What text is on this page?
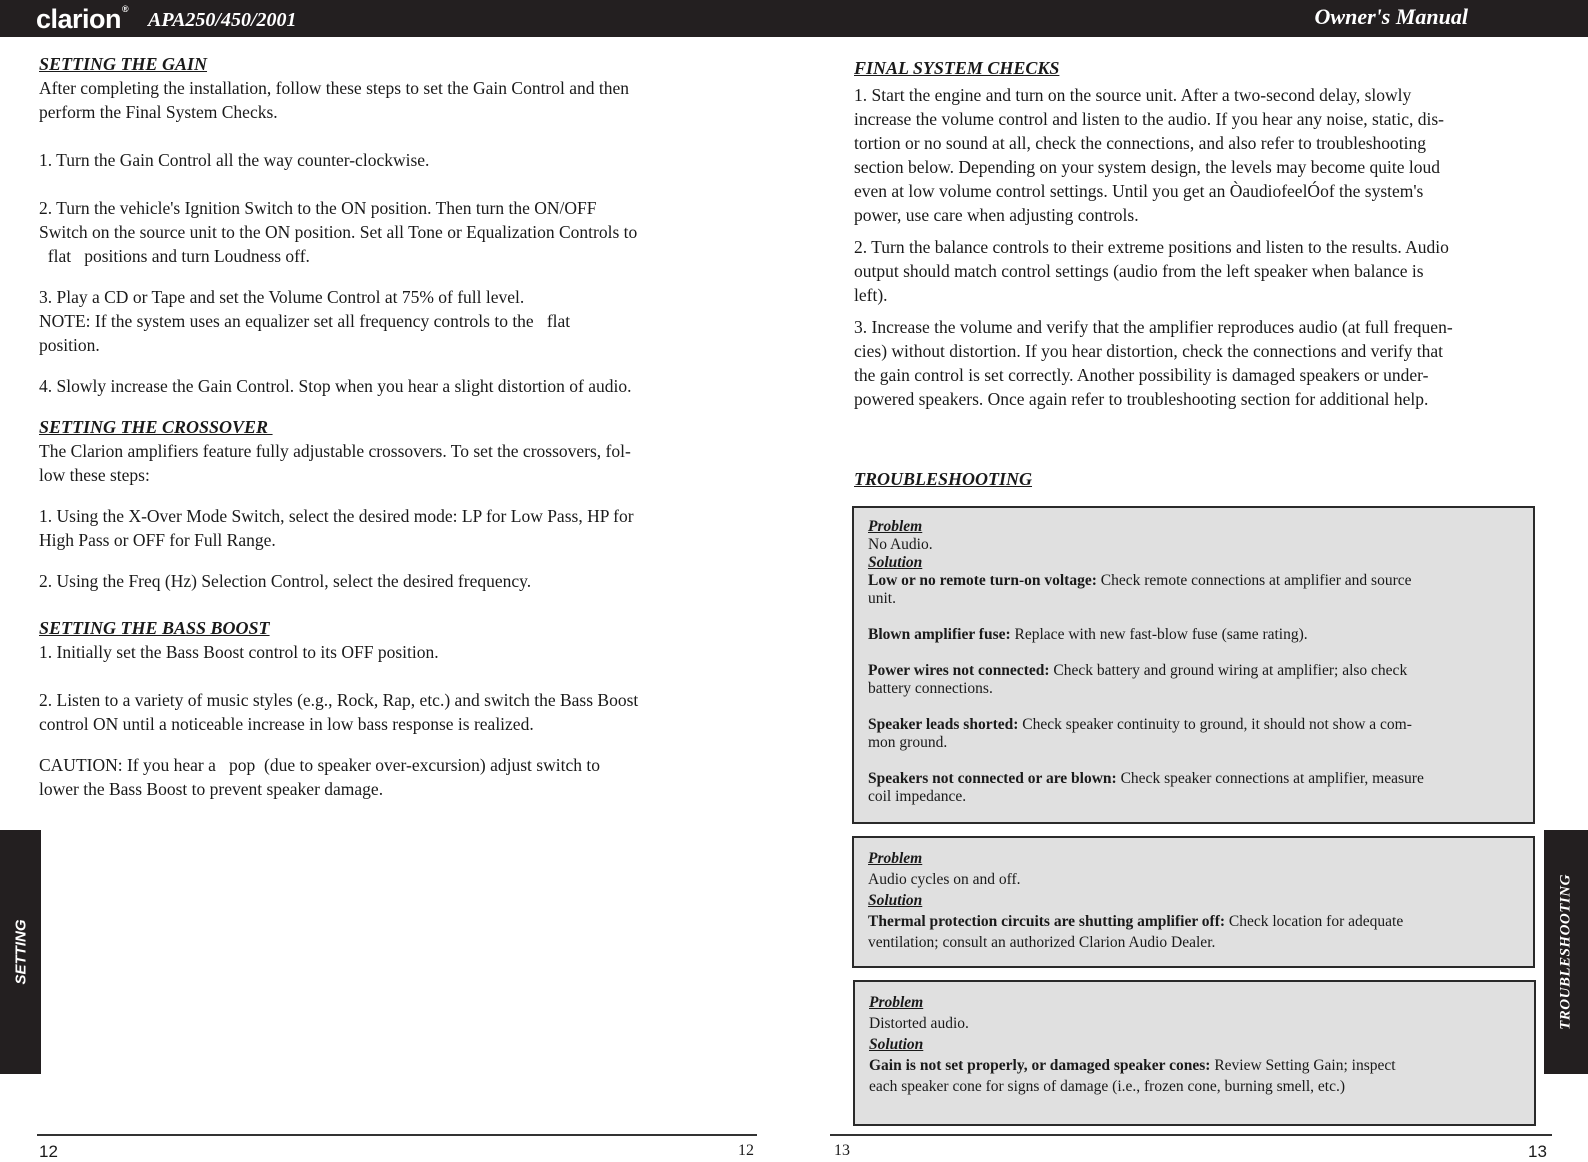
clarion® APA250/450/2001	Owner's Manual

SETTING THE GAIN

After completing the installation, follow these steps to set the Gain Control and then
perform the Final System Checks.

1. Turn the Gain Control all the way counter-clockwise.

2. Turn the vehicle's Ignition Switch to the ON position. Then turn the ON/OFF
Switch on the source unit to the ON position. Set all Tone or Equalization Controls to
flat   positions and turn Loudness off.

3. Play a CD or Tape and set the Volume Control at 75% of full level.
NOTE: If the system uses an equalizer set all frequency controls to the   flat
position.

4. Slowly increase the Gain Control. Stop when you hear a slight distortion of audio.

SETTING THE CROSSOVER

The Clarion amplifiers feature fully adjustable crossovers. To set the crossovers, fol-
low these steps:

1. Using the X-Over Mode Switch, select the desired mode: LP for Low Pass, HP for
High Pass or OFF for Full Range.

2. Using the Freq (Hz) Selection Control, select the desired frequency.

SETTING THE BASS BOOST

1. Initially set the Bass Boost control to its OFF position.

2. Listen to a variety of music styles (e.g., Rock, Rap, etc.) and switch the Bass Boost
control ON until a noticeable increase in low bass response is realized.

CAUTION: If you hear a   pop  (due to speaker over-excursion) adjust switch to
lower the Bass Boost to prevent speaker damage.

SETTING

FINAL SYSTEM CHECKS

1. Start the engine and turn on the source unit. After a two-second delay, slowly
increase the volume control and listen to the audio. If you hear any noise, static, dis-
tortion or no sound at all, check the connections, and also refer to troubleshooting
section below. Depending on your system design, the levels may become quite loud
even at low volume control settings. Until you get an ÒaudiofeelÓof the system's
power, use care when adjusting controls.

2. Turn the balance controls to their extreme positions and listen to the results. Audio
output should match control settings (audio from the left speaker when balance is
left).

3. Increase the volume and verify that the amplifier reproduces audio (at full frequen-
cies) without distortion. If you hear distortion, check the connections and verify that
the gain control is set correctly. Another possibility is damaged speakers or under-
powered speakers. Once again refer to troubleshooting section for additional help.

TROUBLESHOOTING

Problem
No Audio.
Solution
Low or no remote turn-on voltage: Check remote connections at amplifier and source
unit.
Blown amplifier fuse: Replace with new fast-blow fuse (same rating).
Power wires not connected: Check battery and ground wiring at amplifier; also check
battery connections.
Speaker leads shorted: Check speaker continuity to ground, it should not show a com-
mon ground.
Speakers not connected or are blown: Check speaker connections at amplifier, measure
coil impedance.
Problem
Audio cycles on and off.
Solution
Thermal protection circuits are shutting amplifier off: Check location for adequate
ventilation; consult an authorized Clarion Audio Dealer.
Problem
Distorted audio.
Solution
Gain is not set properly, or damaged speaker cones: Review Setting Gain; inspect
each speaker cone for signs of damage (i.e., frozen cone, burning smell, etc.)
TROUBLESHOOTING
12	12	13	13
